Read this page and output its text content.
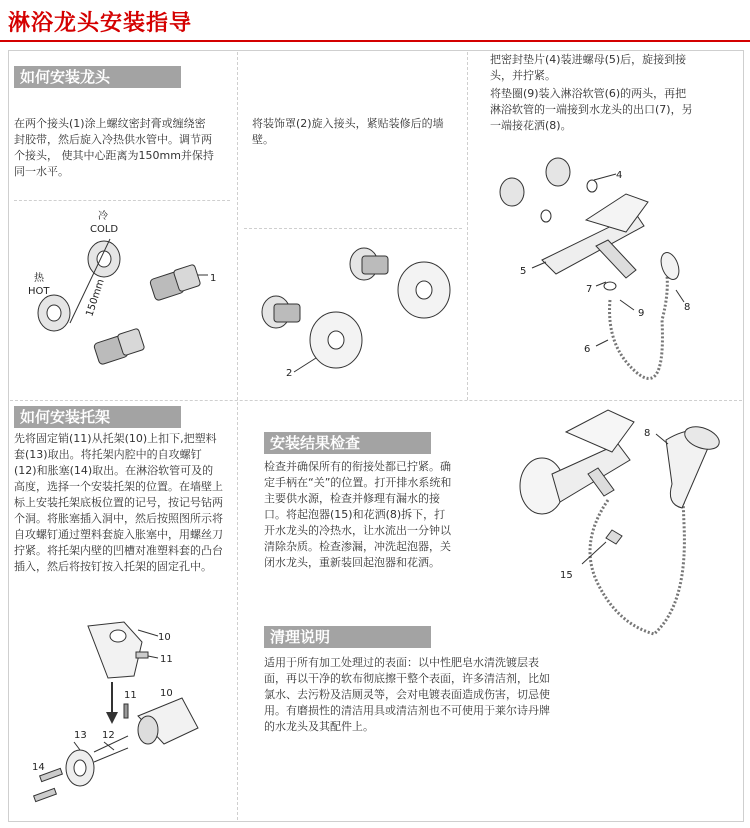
淋浴龙头安装指导
如何安装龙头
在两个接头(1)涂上螺纹密封膏或缠绕密封胶带，然后旋入冷热供水管中。调节两个接头， 使其中心距离为150mm并保持同一水平。
冷
COLD
热
HOT
1
150mm
将装饰罩(2)旋入接头，紧贴装修后的墙壁。
2
把密封垫片(4)装进螺母(5)后，旋接到接头，并拧紧。
将垫圈(9)装入淋浴软管(6)的两头，再把淋浴软管的一端接到水龙头的出口(7)，另一端接花洒(8)。
4
5
7
9
8
6
如何安装托架
先将固定销(11)从托架(10)上扣下,把塑料套(13)取出。将托架内腔中的自攻螺钉(12)和胀塞(14)取出。在淋浴软管可及的高度，选择一个安装托架的位置。在墙壁上标上安装托架底板位置的记号，按记号钻两个洞。将胀塞插入洞中，然后按照图所示将自攻螺钉通过塑料套旋入胀塞中，用螺丝刀拧紧。将托架内壁的凹槽对准塑料套的凸台插入，然后将按钉按入托架的固定孔中。
10
11
11 10
13 12
14
安装结果检查
检查并确保所有的衔接处都已拧紧。确定手柄在“关”的位置。打开排水系统和主要供水源，检查并修理有漏水的接口。将起泡器(15)和花洒(8)拆下，打开水龙头的冷热水，让水流出一分钟以清除杂质。检查渗漏，冲洗起泡器，关闭水龙头，重新装回起泡器和花洒。
清理说明
适用于所有加工处理过的表面：以中性肥皂水清洗镀层表面，再以干净的软布彻底擦干整个表面，许多清洁剂，比如氯水、去污粉及洁厕灵等，会对电镀表面造成伤害，切忌使用。有磨损性的清洁用具或清洁剂也不可使用于莱尔诗丹牌的水龙头及其配件上。
8
15
